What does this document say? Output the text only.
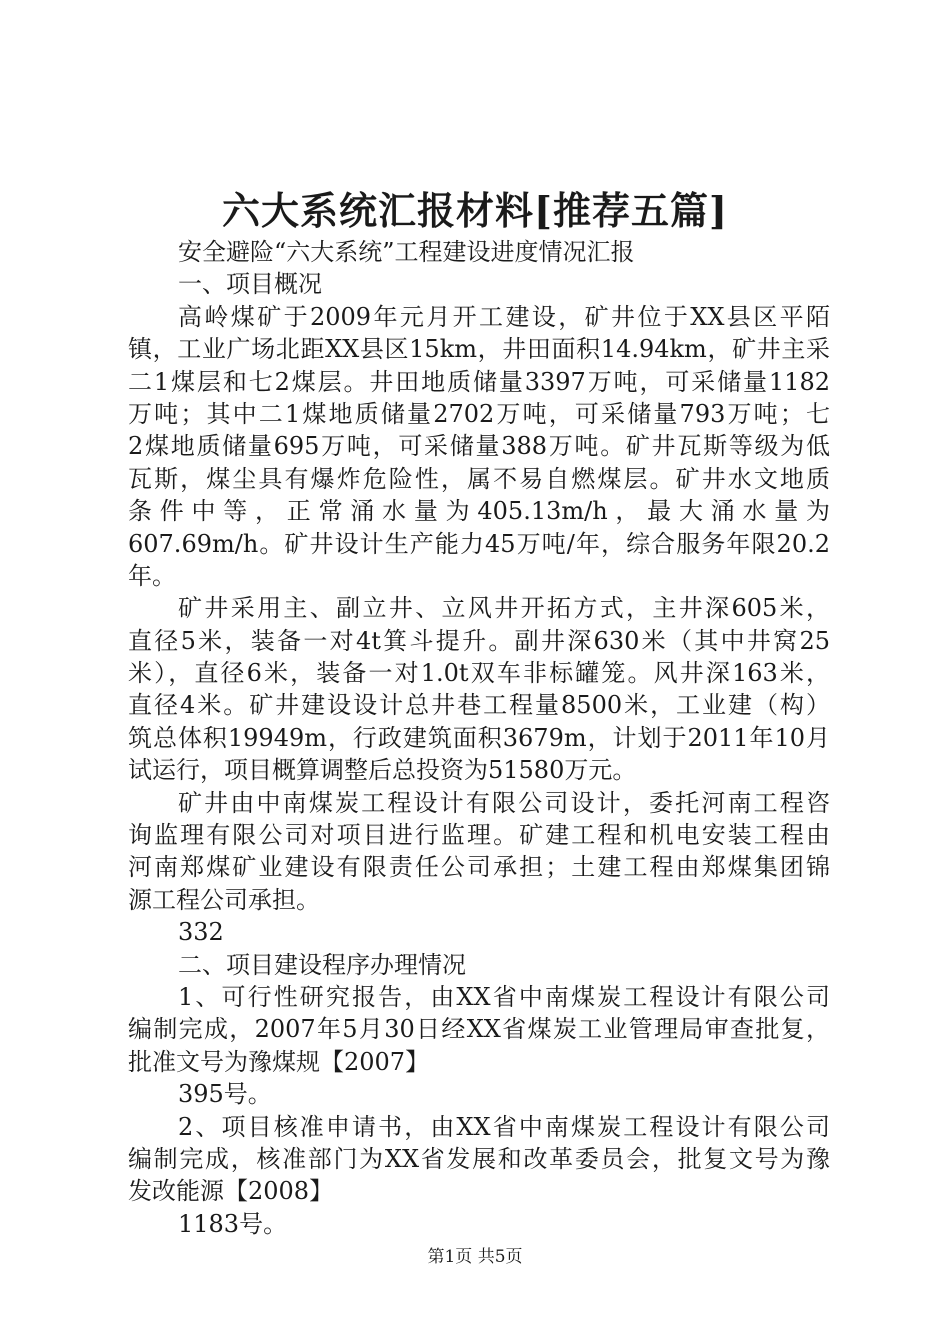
六大系统汇报材料[推荐五篇]
安全避险“六大系统”工程建设进度情况汇报
一、项目概况
高岭煤矿于2009年元月开工建设，矿井位于XX县区平陌
镇，工业广场北距XX县区15km，井田面积14.94km，矿井主采
二1煤层和七2煤层。井田地质储量3397万吨，可采储量1182
万吨；其中二1煤地质储量2702万吨，可采储量793万吨；七
2煤地质储量695万吨，可采储量388万吨。矿井瓦斯等级为低
瓦斯，煤尘具有爆炸危险性，属不易自燃煤层。矿井水文地质
条件中等，正常涌水量为405.13m/h，最大涌水量为
607.69m/h。矿井设计生产能力45万吨/年，综合服务年限20.2
年。
矿井采用主、副立井、立风井开拓方式，主井深605米，
直径5米，装备一对4t箕斗提升。副井深630米（其中井窝25
米），直径6米，装备一对1.0t双车非标罐笼。风井深163米，
直径4米。矿井建设设计总井巷工程量8500米，工业建（构）
筑总体积19949m，行政建筑面积3679m，计划于2011年10月
试运行，项目概算调整后总投资为51580万元。
矿井由中南煤炭工程设计有限公司设计，委托河南工程咨
询监理有限公司对项目进行监理。矿建工程和机电安装工程由
河南郑煤矿业建设有限责任公司承担；土建工程由郑煤集团锦
源工程公司承担。
332
二、项目建设程序办理情况
1、可行性研究报告，由XX省中南煤炭工程设计有限公司
编制完成，2007年5月30日经XX省煤炭工业管理局审查批复，
批准文号为豫煤规【2007】
395号。
2、项目核准申请书，由XX省中南煤炭工程设计有限公司
编制完成，核准部门为XX省发展和改革委员会，批复文号为豫
发改能源【2008】
1183号。
第1页 共5页
